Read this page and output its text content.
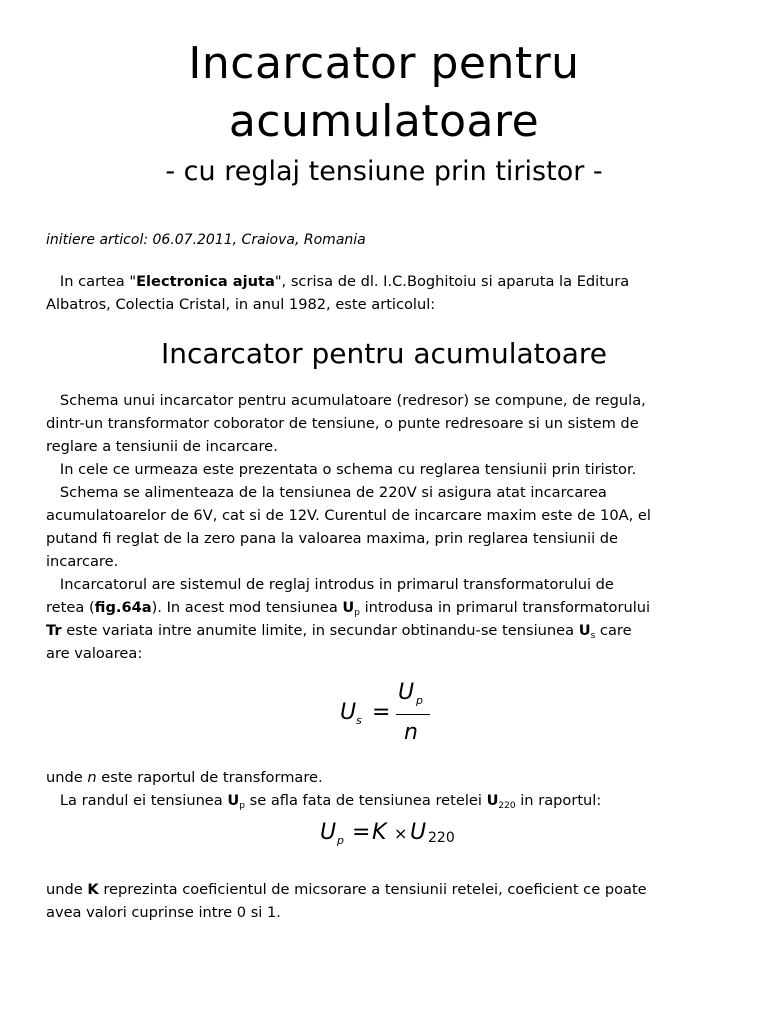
Incarcator pentru
acumulatoare
- cu reglaj tensiune prin tiristor -
initiere articol: 06.07.2011, Craiova, Romania
In cartea "Electronica ajuta", scrisa de dl. I.C.Boghitoiu si aparuta la Editura
Albatros, Colectia Cristal, in anul 1982, este articolul:
Incarcator pentru acumulatoare
Schema unui incarcator pentru acumulatoare (redresor) se compune, de regula,
dintr-un transformator coborator de tensiune, o punte redresoare si un sistem de
reglare a tensiunii de incarcare.
In cele ce urmeaza este prezentata o schema cu reglarea tensiunii prin tiristor.
Schema se alimenteaza de la tensiunea de 220V si asigura atat incarcarea
acumulatoarelor de 6V, cat si de 12V. Curentul de incarcare maxim este de 10A, el
putand fi reglat de la zero pana la valoarea maxima, prin reglarea tensiunii de
incarcare.
Incarcatorul are sistemul de reglaj introdus in primarul transformatorului de
retea (fig.64a). In acest mod tensiunea $U_p$ introdusa in primarul transformatorului
Tr este variata intre anumite limite, in secundar obtinandu-se tensiunea $U_s$ care
are valoarea:
U s =
U p
n
unde n este raportul de transformare.
La randul ei tensiunea $U_p$ se afla fata de tensiunea retelei $U_{220}$ in raportul:
U p = K × U 220
unde K reprezinta coeficientul de micsorare a tensiunii retelei, coeficient ce poate
avea valori cuprinse intre 0 si 1.
